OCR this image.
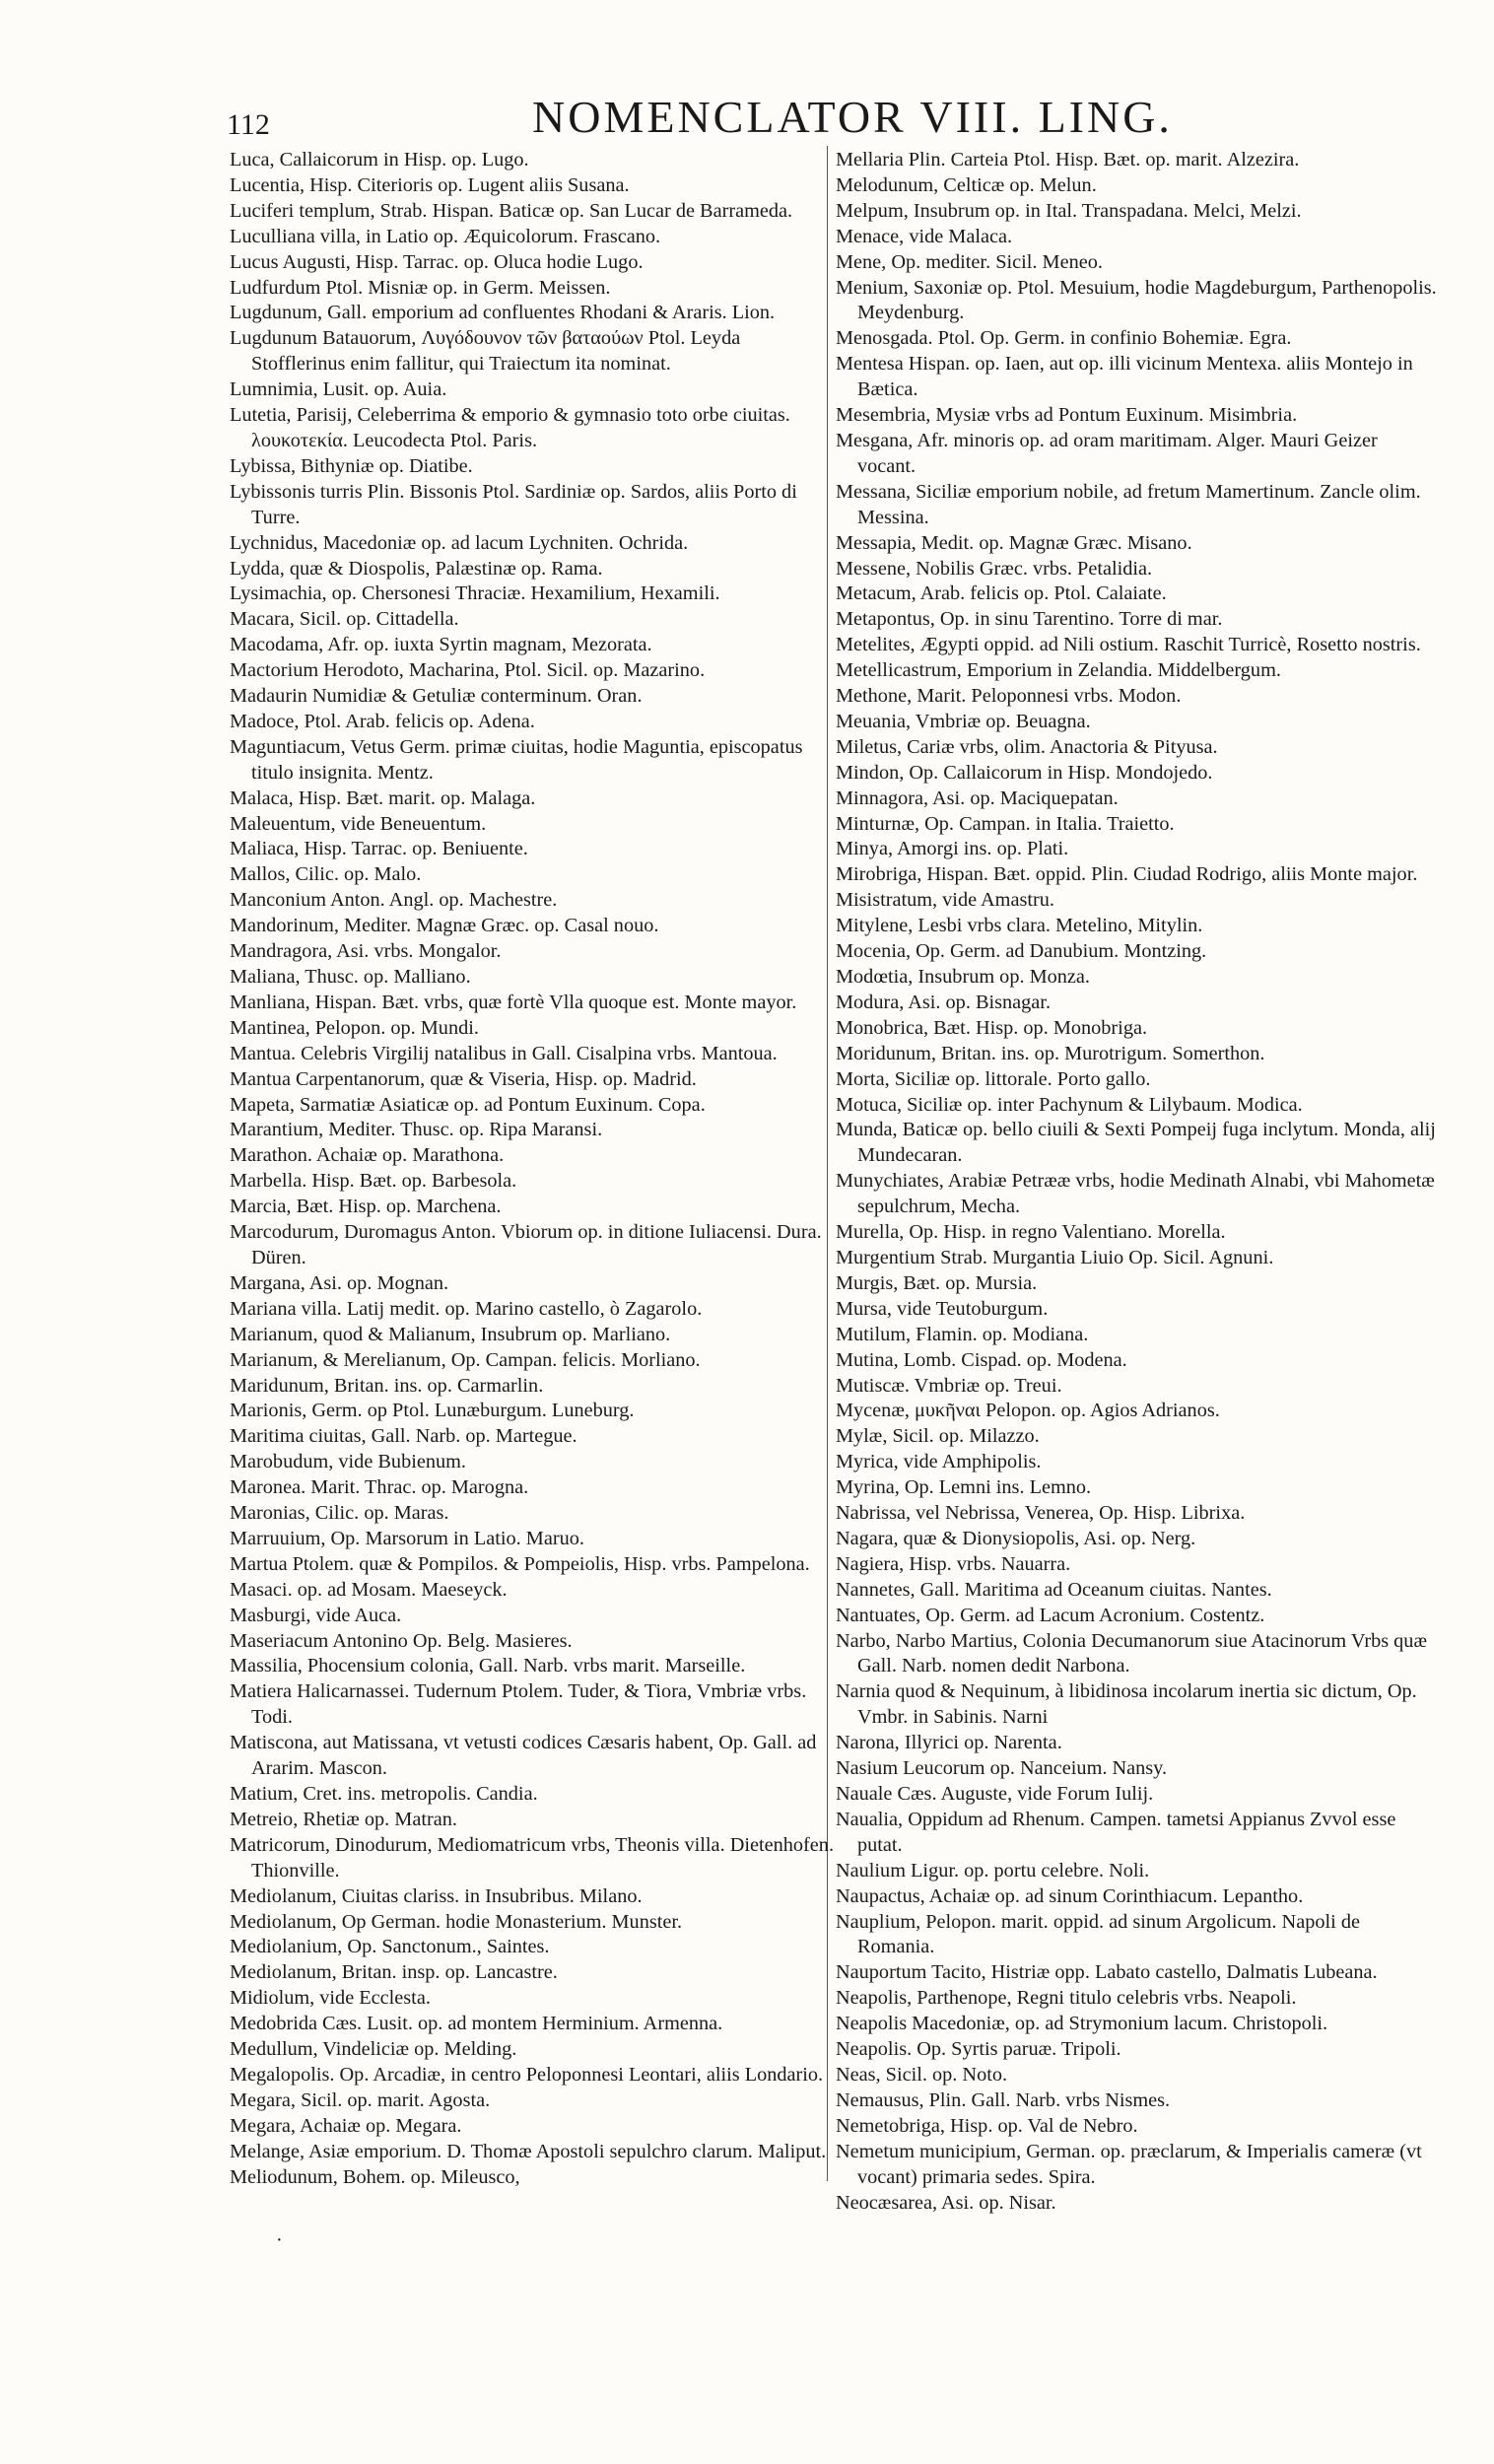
112	NOMENCLATOR VIII. LING.

Luca, Callaicorum in Hisp. op. Lugo.

Lucentia, Hisp. Citerioris op. Lugent aliis Susana.

Luciferi templum, Strab. Hispan. Baticæ op. San Lucar de Barrameda.

Luculliana villa, in Latio op. Æquicolorum. Frascano.

Lucus Augusti, Hisp. Tarrac. op. Oluca hodie Lugo.

Ludfurdum Ptol. Misniæ op. in Germ. Meissen.

Lugdunum, Gall. emporium ad confluentes Rhodani & Araris. Lion.

Lugdunum Batauorum, Λυγόδουνον τῶν βαταούων Ptol. Leyda Stofflerinus enim fallitur, qui Traiectum ita nominat.

Lumnimia, Lusit. op. Auia.

Lutetia, Parisij, Celeberrima & emporio & gymnasio toto orbe ciuitas. λουκοτεκία. Leucodecta Ptol. Paris.

Lybissa, Bithyniæ op. Diatibe.

Lybissonis turris Plin. Bissonis Ptol. Sardiniæ op. Sardos, aliis Porto di Turre.

Lychnidus, Macedoniæ op. ad lacum Lychniten. Ochrida.

Lydda, quæ & Diospolis, Palæstinæ op. Rama.

Lysimachia, op. Chersonesi Thraciæ. Hexamilium, Hexamili.

Macara, Sicil. op. Cittadella.

Macodama, Afr. op. iuxta Syrtin magnam, Mezorata.

Mactorium Herodoto, Macharina, Ptol. Sicil. op. Mazarino.

Madaurin Numidiæ & Getuliæ conterminum. Oran.

Madoce, Ptol. Arab. felicis op. Adena.

Maguntiacum, Vetus Germ. primæ ciuitas, hodie Maguntia, episcopatus titulo insignita. Mentz.

Malaca, Hisp. Bæt. marit. op. Malaga.

Maleuentum, vide Beneuentum.

Maliaca, Hisp. Tarrac. op. Beniuente.

Mallos, Cilic. op. Malo.

Manconium Anton. Angl. op. Machestre.

Mandorinum, Mediter. Magnæ Græc. op. Casal nouo.

Mandragora, Asi. vrbs. Mongalor.

Maliana, Thusc. op. Malliano.

Manliana, Hispan. Bæt. vrbs, quæ fortè Vlla quoque est. Monte mayor.

Mantinea, Pelopon. op. Mundi.

Mantua. Celebris Virgilij natalibus in Gall. Cisalpina vrbs. Mantoua.

Mantua Carpentanorum, quæ & Viseria, Hisp. op. Madrid.

Mapeta, Sarmatiæ Asiaticæ op. ad Pontum Euxinum. Copa.

Marantium, Mediter. Thusc. op. Ripa Maransi.

Marathon. Achaiæ op. Marathona.

Marbella. Hisp. Bæt. op. Barbesola.

Marcia, Bæt. Hisp. op. Marchena.

Marcodurum, Duromagus Anton. Vbiorum op. in ditione Iuliacensi. Dura. Düren.

Margana, Asi. op. Mognan.

Mariana villa. Latij medit. op. Marino castello, ò Zagarolo.

Marianum, quod & Malianum, Insubrum op. Marliano.

Marianum, & Merelianum, Op. Campan. felicis. Morliano.

Maridunum, Britan. ins. op. Carmarlin.

Marionis, Germ. op Ptol. Lunæburgum. Luneburg.

Maritima ciuitas, Gall. Narb. op. Martegue.

Marobudum, vide Bubienum.

Maronea. Marit. Thrac. op. Marogna.

Maronias, Cilic. op. Maras.

Marruuium, Op. Marsorum in Latio. Maruo.

Martua Ptolem. quæ & Pompilos. & Pompeiolis, Hisp. vrbs. Pampelona.

Masaci. op. ad Mosam. Maeseyck.

Masburgi, vide Auca.

Maseriacum Antonino Op. Belg. Masieres.

Massilia, Phocensium colonia, Gall. Narb. vrbs marit. Marseille.

Matiera Halicarnassei. Tudernum Ptolem. Tuder, & Tiora, Vmbriæ vrbs. Todi.

Matiscona, aut Matissana, vt vetusti codices Cæsaris habent, Op. Gall. ad Ararim. Mascon.

Matium, Cret. ins. metropolis. Candia.

Metreio, Rhetiæ op. Matran.

Matricorum, Dinodurum, Mediomatricum vrbs, Theonis villa. Dietenhofen. Thionville.

Mediolanum, Ciuitas clariss. in Insubribus. Milano.

Mediolanum, Op German. hodie Monasterium. Munster.

Mediolanium, Op. Sanctonum., Saintes.

Mediolanum, Britan. insp. op. Lancastre.

Midiolum, vide Ecclesta.

Medobrida Cæs. Lusit. op. ad montem Herminium. Armenna.

Medullum, Vindeliciæ op. Melding.

Megalopolis. Op. Arcadiæ, in centro Peloponnesi Leontari, aliis Londario.

Megara, Sicil. op. marit. Agosta.

Megara, Achaiæ op. Megara.

Melange, Asiæ emporium. D. Thomæ Apostoli sepulchro clarum. Maliput.

Meliodunum, Bohem. op. Mileusco,

Mellaria Plin. Carteia Ptol. Hisp. Bæt. op. marit. Alzezira.

Melodunum, Celticæ op. Melun.

Melpum, Insubrum op. in Ital. Transpadana. Melci, Melzi.

Menace, vide Malaca.

Mene, Op. mediter. Sicil. Meneo.

Menium, Saxoniæ op. Ptol. Mesuium, hodie Magdeburgum, Parthenopolis. Meydenburg.

Menosgada. Ptol. Op. Germ. in confinio Bohemiæ. Egra.

Mentesa Hispan. op. Iaen, aut op. illi vicinum Mentexa. aliis Montejo in Bætica.

Mesembria, Mysiæ vrbs ad Pontum Euxinum. Misimbria.

Mesgana, Afr. minoris op. ad oram maritimam. Alger. Mauri Geizer vocant.

Messana, Siciliæ emporium nobile, ad fretum Mamertinum. Zancle olim. Messina.

Messapia, Medit. op. Magnæ Græc. Misano.

Messene, Nobilis Græc. vrbs. Petalidia.

Metacum, Arab. felicis op. Ptol. Calaiate.

Metapontus, Op. in sinu Tarentino. Torre di mar.

Metelites, Ægypti oppid. ad Nili ostium. Raschit Turricè, Rosetto nostris.

Metellicastrum, Emporium in Zelandia. Middelbergum.

Methone, Marit. Peloponnesi vrbs. Modon.

Meuania, Vmbriæ op. Beuagna.

Miletus, Cariæ vrbs, olim. Anactoria & Pityusa.

Mindon, Op. Callaicorum in Hisp. Mondojedo.

Minnagora, Asi. op. Maciquepatan.

Minturnæ, Op. Campan. in Italia. Traietto.

Minya, Amorgi ins. op. Plati.

Mirobriga, Hispan. Bæt. oppid. Plin. Ciudad Rodrigo, aliis Monte major.

Misistratum, vide Amastru.

Mitylene, Lesbi vrbs clara. Metelino, Mitylin.

Mocenia, Op. Germ. ad Danubium. Montzing.

Modœtia, Insubrum op. Monza.

Modura, Asi. op. Bisnagar.

Monobrica, Bæt. Hisp. op. Monobriga.

Moridunum, Britan. ins. op. Murotrigum. Somerthon.

Morta, Siciliæ op. littorale. Porto gallo.

Motuca, Siciliæ op. inter Pachynum & Lilybaum. Modica.

Munda, Baticæ op. bello ciuili & Sexti Pompeij fuga inclytum. Monda, alij Mundecaran.

Munychiates, Arabiæ Petrææ vrbs, hodie Medinath Alnabi, vbi Mahometæ sepulchrum, Mecha.

Murella, Op. Hisp. in regno Valentiano. Morella.

Murgentium Strab. Murgantia Liuio Op. Sicil. Agnuni.

Murgis, Bæt. op. Mursia.

Mursa, vide Teutoburgum.

Mutilum, Flamin. op. Modiana.

Mutina, Lomb. Cispad. op. Modena.

Mutiscæ. Vmbriæ op. Treui.

Mycenæ, μυκῆναι Pelopon. op. Agios Adrianos.

Mylæ, Sicil. op. Milazzo.

Myrica, vide Amphipolis.

Myrina, Op. Lemni ins. Lemno.

Nabrissa, vel Nebrissa, Venerea, Op. Hisp. Librixa.

Nagara, quæ & Dionysiopolis, Asi. op. Nerg.

Nagiera, Hisp. vrbs. Nauarra.

Nannetes, Gall. Maritima ad Oceanum ciuitas. Nantes.

Nantuates, Op. Germ. ad Lacum Acronium. Costentz.

Narbo, Narbo Martius, Colonia Decumanorum siue Atacinorum Vrbs quæ Gall. Narb. nomen dedit Narbona.

Narnia quod & Nequinum, à libidinosa incolarum inertia sic dictum, Op. Vmbr. in Sabinis. Narni

Narona, Illyrici op. Narenta.

Nasium Leucorum op. Nanceium. Nansy.

Nauale Cæs. Auguste, vide Forum Iulij.

Naualia, Oppidum ad Rhenum. Campen. tametsi Appianus Zvvol esse putat.

Naulium Ligur. op. portu celebre. Noli.

Naupactus, Achaiæ op. ad sinum Corinthiacum. Lepantho.

Nauplium, Pelopon. marit. oppid. ad sinum Argolicum. Napoli de Romania.

Nauportum Tacito, Histriæ opp. Labato castello, Dalmatis Lubeana.

Neapolis, Parthenope, Regni titulo celebris vrbs. Neapoli.

Neapolis Macedoniæ, op. ad Strymonium lacum. Christopoli.

Neapolis. Op. Syrtis paruæ. Tripoli.

Neas, Sicil. op. Noto.

Nemausus, Plin. Gall. Narb. vrbs Nismes.

Nemetobriga, Hisp. op. Val de Nebro.

Nemetum municipium, German. op. præclarum, & Imperialis cameræ (vt vocant) primaria sedes. Spira.

Neocæsarea, Asi. op. Nisar.

·
